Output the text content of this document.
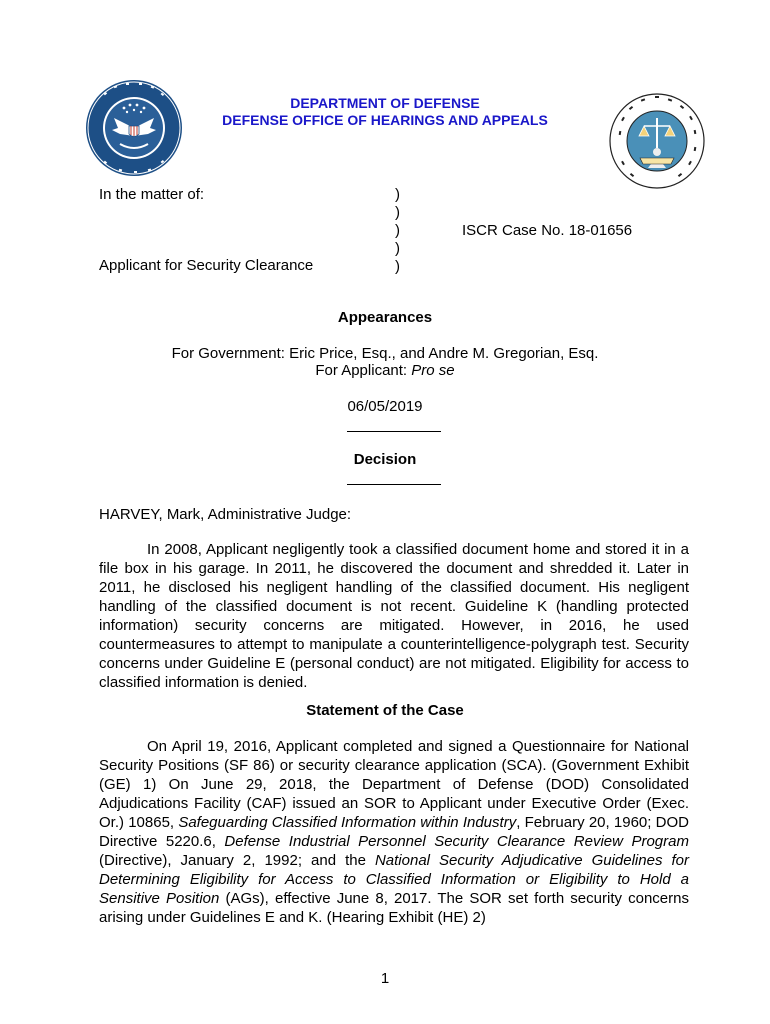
DEPARTMENT OF DEFENSE
DEFENSE OFFICE OF HEARINGS AND APPEALS
In the matter of:
Applicant for Security Clearance
)
)
)
)
)
ISCR Case No. 18-01656
Appearances
For Government: Eric Price, Esq., and Andre M. Gregorian, Esq.
For Applicant: Pro se
06/05/2019
Decision
HARVEY, Mark, Administrative Judge:

In 2008, Applicant negligently took a classified document home and stored it in a file box in his garage. In 2011, he discovered the document and shredded it. Later in 2011, he disclosed his negligent handling of the classified document. His negligent handling of the classified document is not recent. Guideline K (handling protected information) security concerns are mitigated. However, in 2016, he used countermeasures to attempt to manipulate a counterintelligence-polygraph test. Security concerns under Guideline E (personal conduct) are not mitigated. Eligibility for access to classified information is denied.

Statement of the Case

On April 19, 2016, Applicant completed and signed a Questionnaire for National Security Positions (SF 86) or security clearance application (SCA). (Government Exhibit (GE) 1) On June 29, 2018, the Department of Defense (DOD) Consolidated Adjudications Facility (CAF) issued an SOR to Applicant under Executive Order (Exec. Or.) 10865, Safeguarding Classified Information within Industry, February 20, 1960; DOD Directive 5220.6, Defense Industrial Personnel Security Clearance Review Program (Directive), January 2, 1992; and the National Security Adjudicative Guidelines for Determining Eligibility for Access to Classified Information or Eligibility to Hold a Sensitive Position (AGs), effective June 8, 2017. The SOR set forth security concerns arising under Guidelines E and K. (Hearing Exhibit (HE) 2)

1
